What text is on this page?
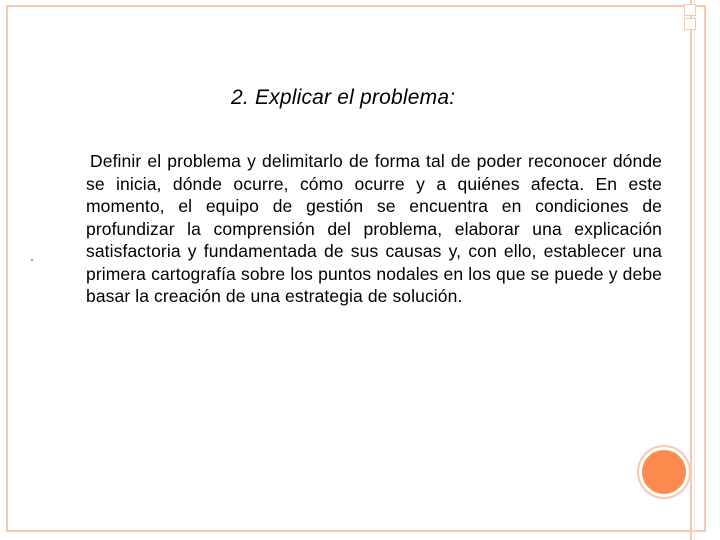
2. Explicar el problema:
·
Definir el problema y delimitarlo de forma tal de poder reconocer dónde se inicia, dónde ocurre, cómo ocurre y a quiénes afecta. En este momento, el equipo de gestión se encuentra en condiciones de profundizar la comprensión del problema, elaborar una explicación satisfactoria y fundamentada de sus causas y, con ello, establecer una primera cartografía sobre los puntos nodales en los que se puede y debe basar la creación de una estrategia de solución.
